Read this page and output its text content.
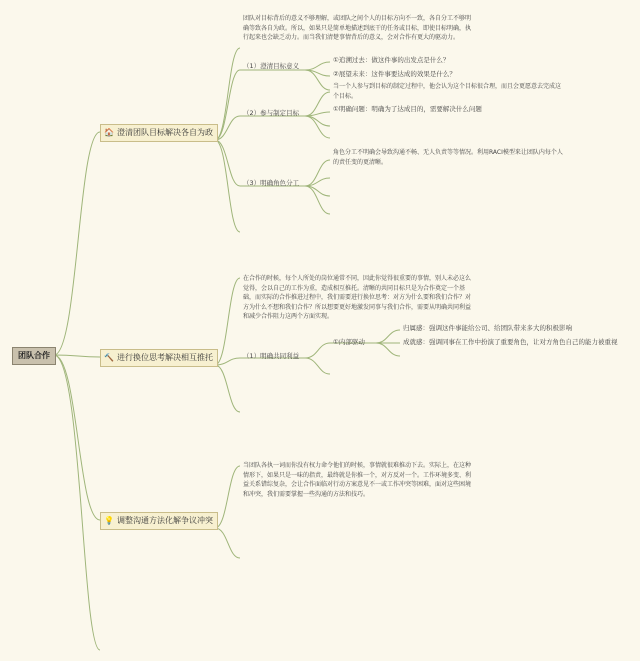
团队合作
🏠 澄清团队目标解决各自为政
团队对目标背后的意义不够理解，或团队之间个人的目标方向不一致，各自分工不够明确等致各自为政。所以，如果只是简单地描述到底干的任务或目标，即使目标明确，执行起来也会缺乏动力。而当我们清楚事情背后的意义，会对合作有更大的驱动力。
（1）澄清目标意义
①追溯过去：做这件事的出发点是什么？
②展望未来：这件事要达成的效果是什么？
（2）参与制定目标
当一个人参与到目标的制定过程中，他会认为这个目标很合理，而且会更愿意去完成这个目标。
①明确问题：明确为了达成目的，需要解决什么问题
（3）明确角色分工
角色分工不明确会导致沟通不畅、无人负责等等情况。利用RACI模型来让团队内每个人的责任变的更清晰。
🔨 进行换位思考解决相互推托
在合作的时候，每个人所处的岗位通常不同，因此你觉得很重要的事情，别人未必这么觉得，会以自己的工作为重，造成相互推托。清晰的共同目标只是为合作奠定一个基础，而实际的合作推进过程中，我们需要进行换位思考：对方为什么要和我们合作？对方为什么不想和我们合作？所以想要更好地激发同事与我们合作，需要从明确共同利益和减少合作阻力这两个方面实现。
（1）明确共同利益
①内部驱动
归属感：强调这件事能给公司、给团队带来多大的积极影响
成就感：强调同事在工作中扮演了重要角色，让对方角色自己的能力被重视
💡 调整沟通方法化解争议冲突
当团队各执一词而你没有权力命令他们的时候，事情就很难推动下去。实际上，在这种情形下，如果只是一味的指责，最终就是你推一个，对方反对一个。工作环境多变、利益关系错综复杂，会让合作面临对行动方案意见不一或工作冲突等困难，面对这些困境和冲突，我们需要掌握一些沟通的方法和技巧。
